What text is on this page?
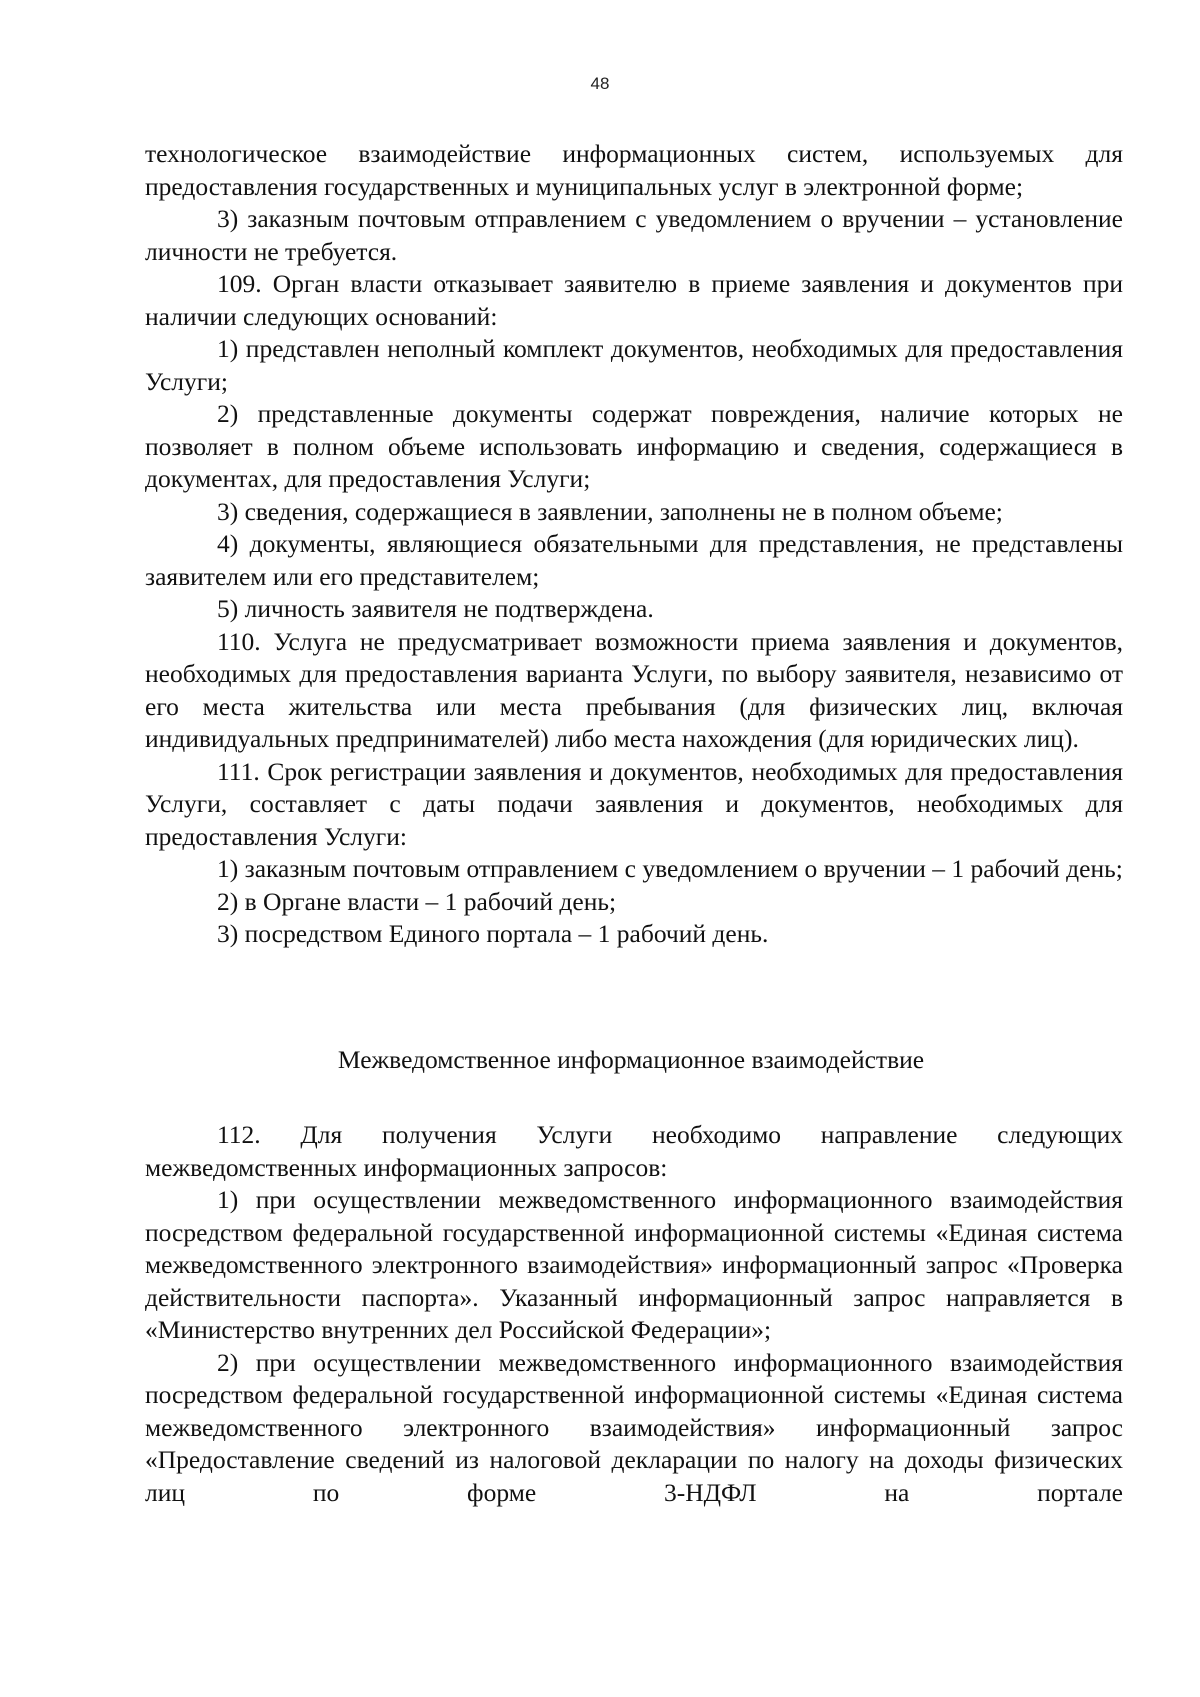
48

технологическое взаимодействие информационных систем, используемых для предоставления государственных и муниципальных услуг в электронной форме;

3) заказным почтовым отправлением с уведомлением о вручении – установление личности не требуется.

109. Орган власти отказывает заявителю в приеме заявления и документов при наличии следующих оснований:

1) представлен неполный комплект документов, необходимых для предоставления Услуги;

2) представленные документы содержат повреждения, наличие которых не позволяет в полном объеме использовать информацию и сведения, содержащиеся в документах, для предоставления Услуги;

3) сведения, содержащиеся в заявлении, заполнены не в полном объеме;

4) документы, являющиеся обязательными для представления, не представлены заявителем или его представителем;

5) личность заявителя не подтверждена.

110. Услуга не предусматривает возможности приема заявления и документов, необходимых для предоставления варианта Услуги, по выбору заявителя, независимо от его места жительства или места пребывания (для физических лиц, включая индивидуальных предпринимателей) либо места нахождения (для юридических лиц).

111. Срок регистрации заявления и документов, необходимых для предоставления Услуги, составляет с даты подачи заявления и документов, необходимых для предоставления Услуги:

1) заказным почтовым отправлением с уведомлением о вручении – 1 рабочий день;

2) в Органе власти – 1 рабочий день;

3) посредством Единого портала – 1 рабочий день.

Межведомственное информационное взаимодействие

112. Для получения Услуги необходимо направление следующих межведомственных информационных запросов:

1) при осуществлении межведомственного информационного взаимодействия посредством федеральной государственной информационной системы «Единая система межведомственного электронного взаимодействия» информационный запрос «Проверка действительности паспорта». Указанный информационный запрос направляется в «Министерство внутренних дел Российской Федерации»;

2) при осуществлении межведомственного информационного взаимодействия посредством федеральной государственной информационной системы «Единая система межведомственного электронного взаимодействия» информационный запрос «Предоставление сведений из налоговой декларации по налогу на доходы физических лиц по форме 3-НДФЛ на портале
